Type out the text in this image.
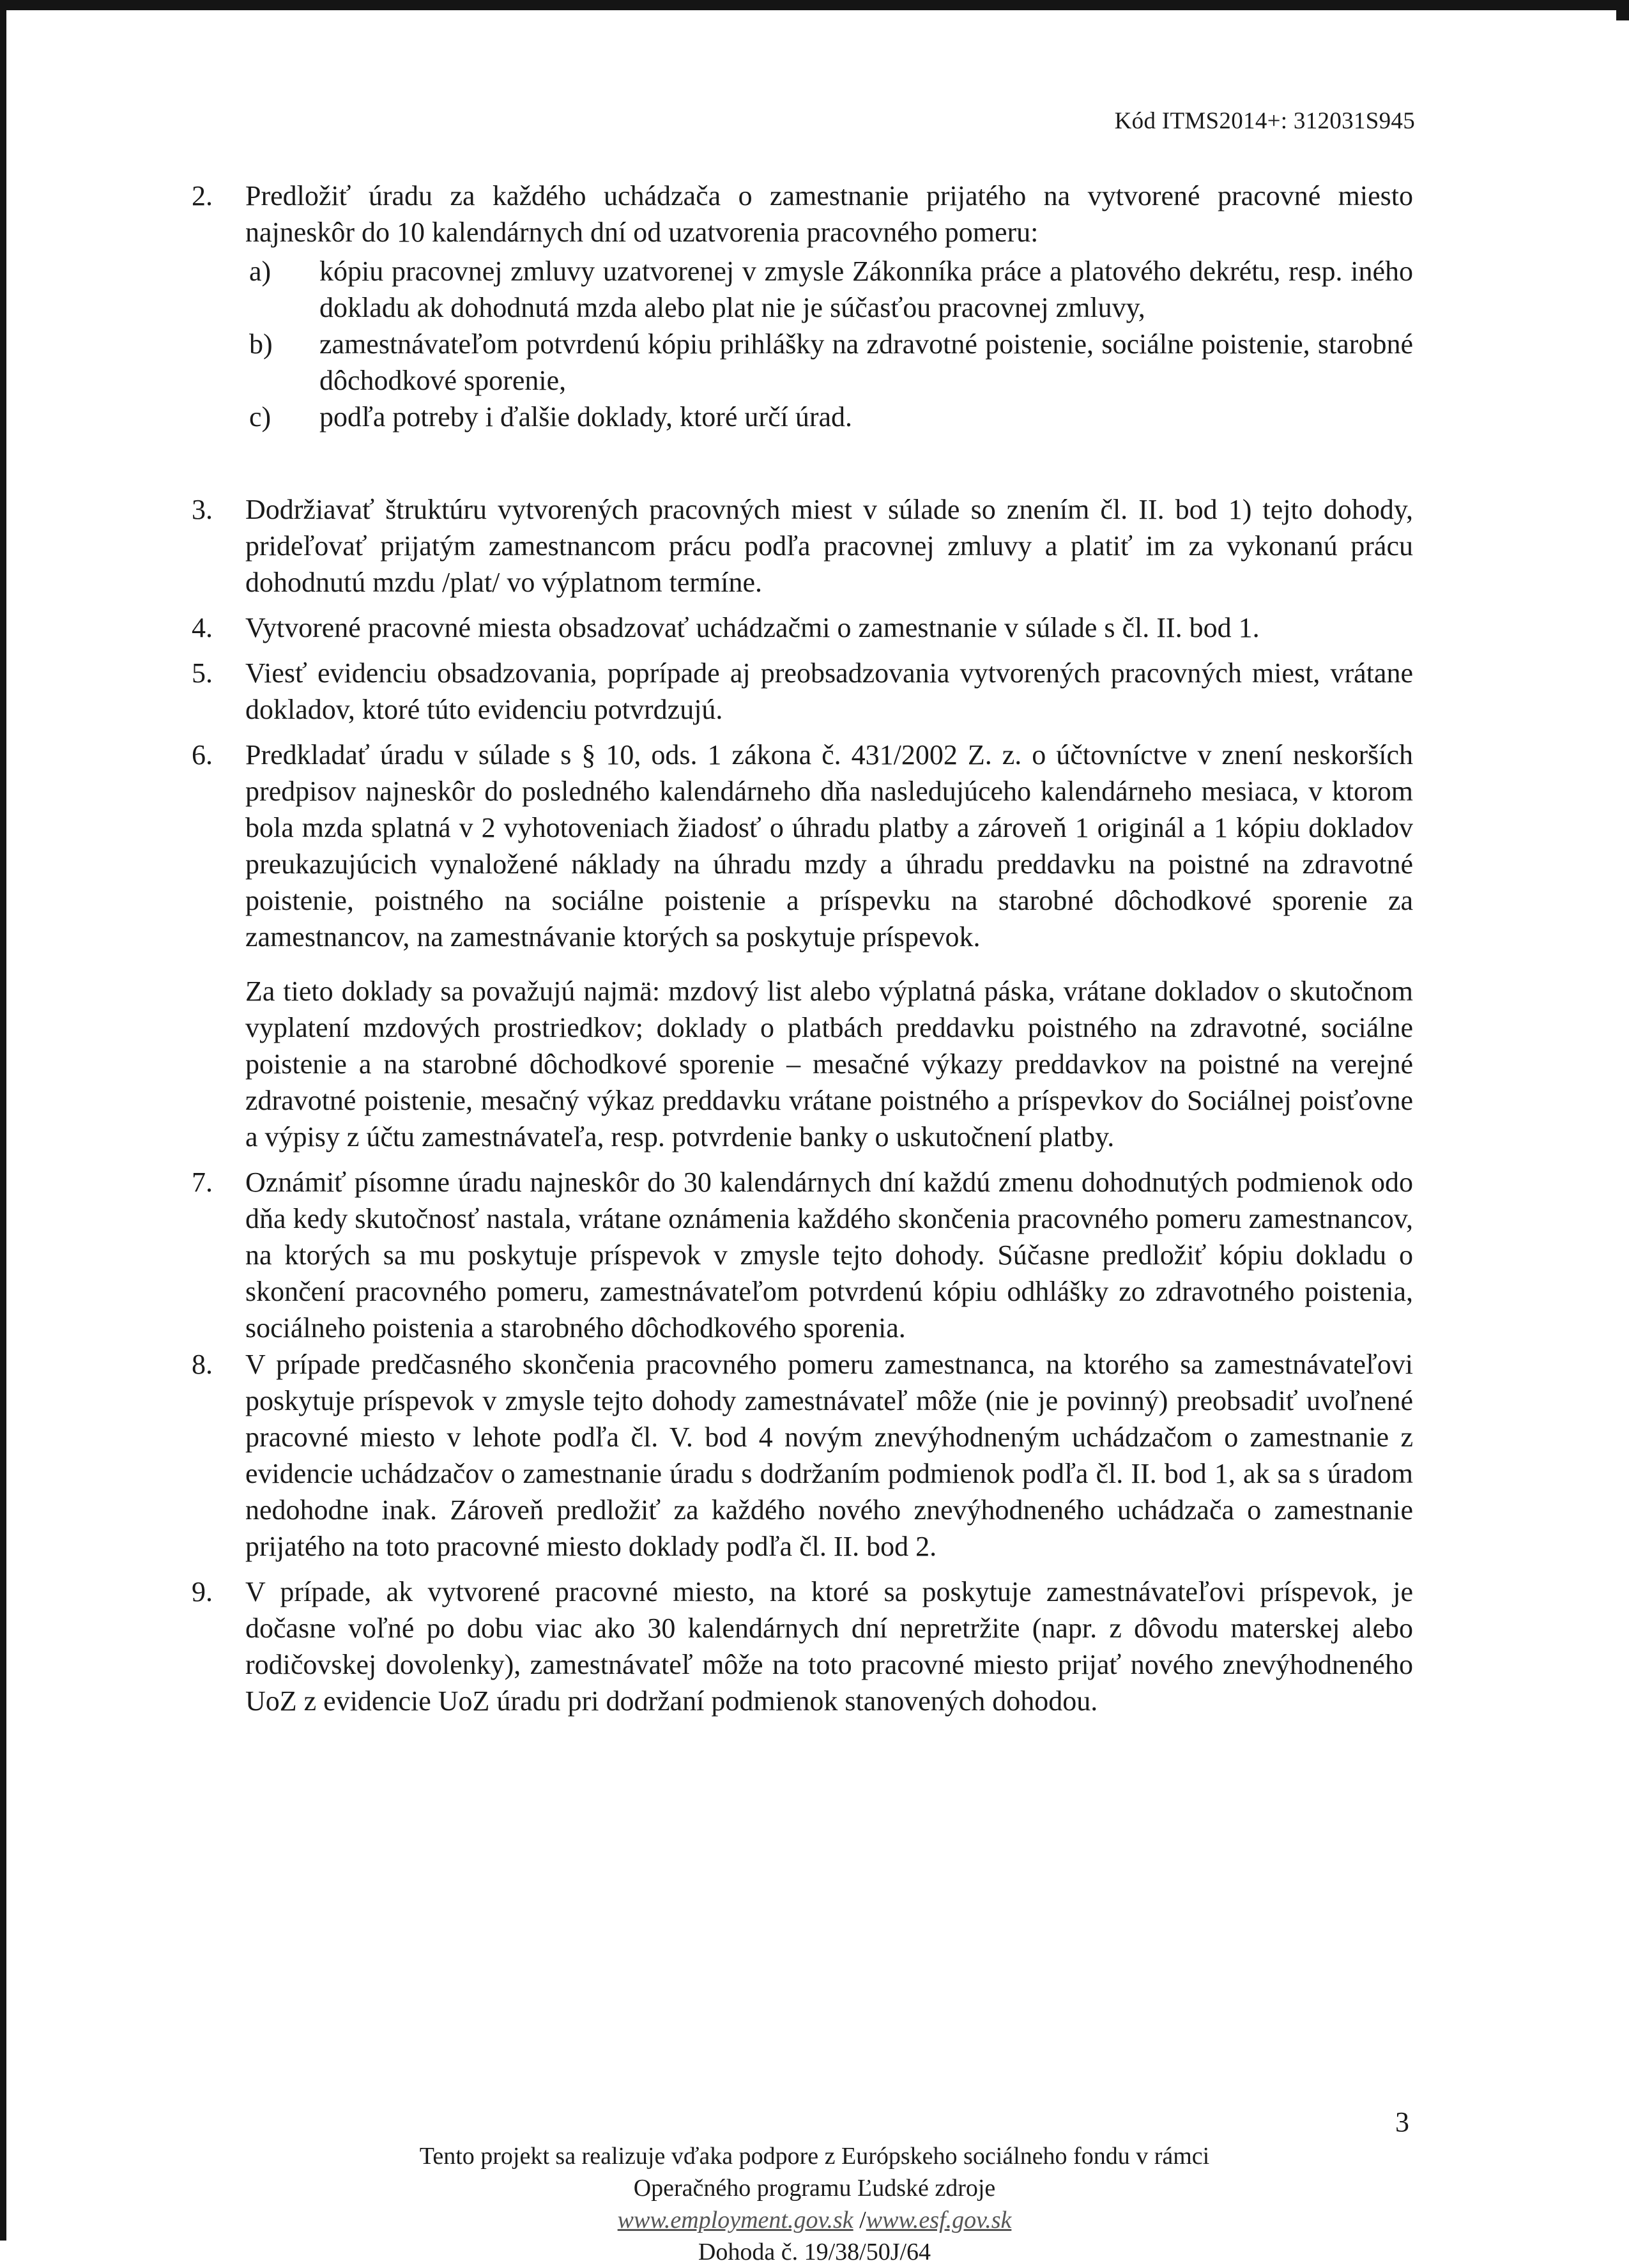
Kód ITMS2014+: 312031S945
2. Predložiť úradu za každého uchádzača o zamestnanie prijatého na vytvorené pracovné miesto najneskôr do 10 kalendárnych dní od uzatvorenia pracovného pomeru:
a) kópiu pracovnej zmluvy uzatvorenej v zmysle Zákonníka práce a platového dekrétu, resp. iného dokladu ak dohodnutá mzda alebo plat nie je súčasťou pracovnej zmluvy,
b) zamestnávateľom potvrdenú kópiu prihlášky na zdravotné poistenie, sociálne poistenie, starobné dôchodkové sporenie,
c) podľa potreby i ďalšie doklady, ktoré určí úrad.
3. Dodržiavať štruktúru vytvorených pracovných miest v súlade so znením čl. II. bod 1) tejto dohody, prideľovať prijatým zamestnancom prácu podľa pracovnej zmluvy a platiť im za vykonanú prácu dohodnutú mzdu /plat/ vo výplatnom termíne.
4. Vytvorené pracovné miesta obsadzovať uchádzačmi o zamestnanie v súlade s čl. II. bod 1.
5. Viesť evidenciu obsadzovania, poprípade aj preobsadzovania vytvorených pracovných miest, vrátane dokladov, ktoré túto evidenciu potvrdzujú.
6. Predkladať úradu v súlade s § 10, ods. 1 zákona č. 431/2002 Z. z. o účtovníctve v znení neskorších predpisov najneskôr do posledného kalendárneho dňa nasledujúceho kalendárneho mesiaca, v ktorom bola mzda splatná v 2 vyhotoveniach žiadosť o úhradu platby a zároveň 1 originál a 1 kópiu dokladov preukazujúcich vynaložené náklady na úhradu mzdy a úhradu preddavku na poistné na zdravotné poistenie, poistného na sociálne poistenie a príspevku na starobné dôchodkové sporenie za zamestnancov, na zamestnávanie ktorých sa poskytuje príspevok.
Za tieto doklady sa považujú najmä: mzdový list alebo výplatná páska, vrátane dokladov o skutočnom vyplatení mzdových prostriedkov; doklady o platbách preddavku poistného na zdravotné, sociálne poistenie a na starobné dôchodkové sporenie – mesačné výkazy preddavkov na poistné na verejné zdravotné poistenie, mesačný výkaz preddavku vrátane poistného a príspevkov do Sociálnej poisťovne a výpisy z účtu zamestnávateľa, resp. potvrdenie banky o uskutočnení platby.
7. Oznámiť písomne úradu najneskôr do 30 kalendárnych dní každú zmenu dohodnutých podmienok odo dňa kedy skutočnosť nastala, vrátane oznámenia každého skončenia pracovného pomeru zamestnancov, na ktorých sa mu poskytuje príspevok v zmysle tejto dohody. Súčasne predložiť kópiu dokladu o skončení pracovného pomeru, zamestnávateľom potvrdenú kópiu odhlášky zo zdravotného poistenia, sociálneho poistenia a starobného dôchodkového sporenia.
8. V prípade predčasného skončenia pracovného pomeru zamestnanca, na ktorého sa zamestnávateľovi poskytuje príspevok v zmysle tejto dohody zamestnávateľ môže (nie je povinný) preobsadiť uvoľnené pracovné miesto v lehote podľa čl. V. bod 4 novým znevýhodneným uchádzačom o zamestnanie z evidencie uchádzačov o zamestnanie úradu s dodržaním podmienok podľa čl. II. bod 1, ak sa s úradom nedohodne inak. Zároveň predložiť za každého nového znevýhodneného uchádzača o zamestnanie prijatého na toto pracovné miesto doklady podľa čl. II. bod 2.
9. V prípade, ak vytvorené pracovné miesto, na ktoré sa poskytuje zamestnávateľovi príspevok, je dočasne voľné po dobu viac ako 30 kalendárnych dní nepretržite (napr. z dôvodu materskej alebo rodičovskej dovolenky), zamestnávateľ môže na toto pracovné miesto prijať nového znevýhodneného UoZ z evidencie UoZ úradu pri dodržaní podmienok stanovených dohodou.
3
Tento projekt sa realizuje vďaka podpore z Európskeho sociálneho fondu v rámci
Operačného programu Ľudské zdroje
www.employment.gov.sk /www.esf.gov.sk
Dohoda č. 19/38/50J/64
